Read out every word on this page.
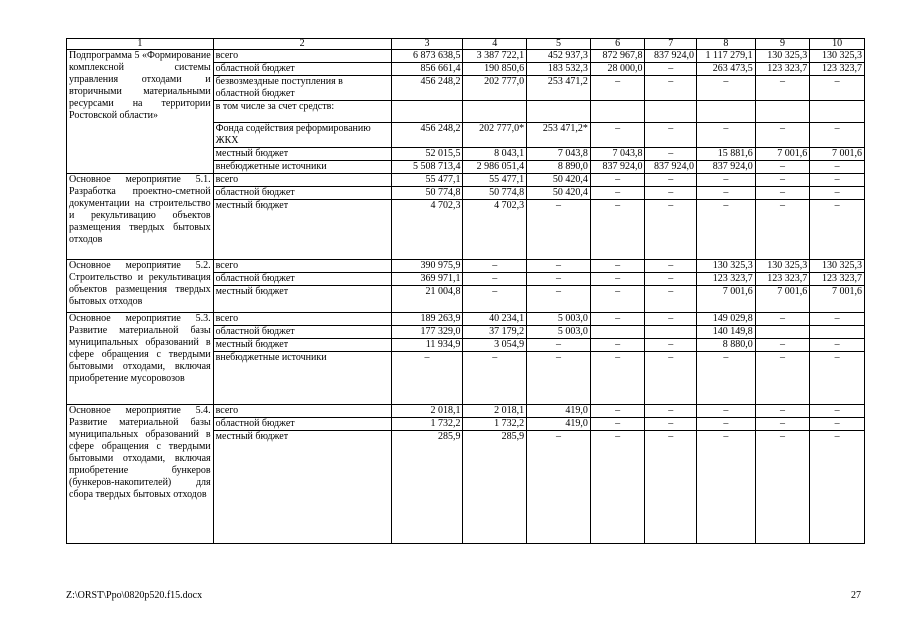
1	2	3	4	5	6	7	8	9	10
Подпрограмма 5 «Формирование комплексной системы управления отходами и вторичными материальными ресурсами на территории Ростовской области»	всего	6 873 638,5	3 387 722,1	452 937,3	872 967,8	837 924,0	1 117 279,1	130 325,3	130 325,3
	областной бюджет	856 661,4	190 850,6	183 532,3	28 000,0	–	263 473,5	123 323,7	123 323,7
	безвозмездные поступления в областной бюджет	456 248,2	202 777,0	253 471,2	–	–	–	–	–
	в том числе за счет средств:								
	Фонда содействия реформированию ЖКХ	456 248,2	202 777,0*	253 471,2*	–	–	–	–	–
	местный бюджет	52 015,5	8 043,1	7 043,8	7 043,8	–	15 881,6	7 001,6	7 001,6
	внебюджетные источники	5 508 713,4	2 986 051,4	8 890,0	837 924,0	837 924,0	837 924,0	–	–
Основное мероприятие 5.1. Разработка проектно-сметной документации на строительство и рекультивацию объектов размещения твердых бытовых отходов	всего	55 477,1	55 477,1	50 420,4	–	–	–	–	–
	областной бюджет	50 774,8	50 774,8	50 420,4	–	–	–	–	–
	местный бюджет	4 702,3	4 702,3	–	–	–	–	–	–
Основное мероприятие 5.2. Строительство и рекультивация объектов размещения твердых бытовых отходов	всего	390 975,9	–	–	–	–	130 325,3	130 325,3	130 325,3
	областной бюджет	369 971,1	–	–	–	–	123 323,7	123 323,7	123 323,7
	местный бюджет	21 004,8	–	–	–	–	7 001,6	7 001,6	7 001,6
Основное мероприятие 5.3. Развитие материальной базы муниципальных образований в сфере обращения с твердыми бытовыми отходами, включая приобретение мусоровозов	всего	189 263,9	40 234,1	5 003,0	–	–	149 029,8	–	–
	областной бюджет	177 329,0	37 179,2	5 003,0			140 149,8		
	местный бюджет	11 934,9	3 054,9	–	–	–	8 880,0	–	–
	внебюджетные источники	–	–	–	–	–	–	–	–
Основное мероприятие 5.4. Развитие материальной базы муниципальных образований в сфере обращения с твердыми бытовыми отходами, включая приобретение бункеров (бункеров-накопителей) для сбора твердых бытовых отходов	всего	2 018,1	2 018,1	419,0	–	–	–	–	–
	областной бюджет	1 732,2	1 732,2	419,0	–	–	–	–	–
	местный бюджет	285,9	285,9	–	–	–	–	–	–
Z:\ORST\Ppo\0820p520.f15.docx	27
